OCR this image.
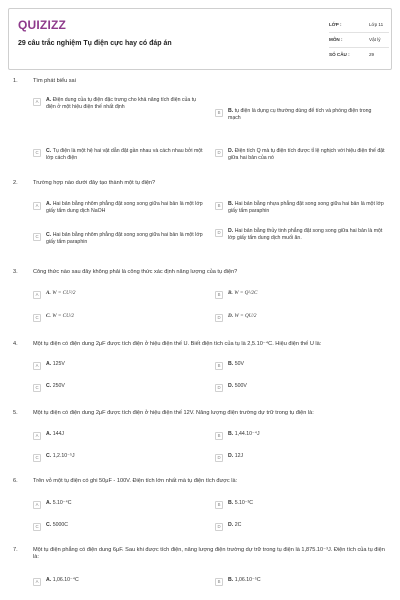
QUIZIZZ
29 câu trắc nghiệm Tụ điện cực hay có đáp án
LỚP :	Lớp 11
MÔN :	Vật lý
SỐ CÂU :	29
1.	Tìm phát biểu sai
A	A. Điện dung của tụ điện đặc trưng cho khả năng tích điện của tụ điện ở một hiệu điện thế nhất định
B	B. tụ điện là dụng cụ thường dùng để tích và phóng điện trong mạch
C	C. Tụ điện là một hệ hai vật dẫn đặt gần nhau và cách nhau bởi một lớp cách điện
D	D. Điện tích Q mà tụ điện tích được tỉ lệ nghịch với hiệu điện thế đặt giữa hai bản của nó
2.	Trường hợp nào dưới đây tạo thành một tụ điện?
A	A. Hai bản bằng nhôm phẳng đặt song song giữa hai bản là một lớp giấy tẩm dung dịch NaOH
B	B. Hai bản bằng nhựa phẳng đặt song song giữa hai bản là một lớp giấy tẩm paraphin
C	C. Hai bản bằng nhôm phẳng đặt song song giữa hai bản là một lớp giấy tẩm paraphin
D	D. Hai bản bằng thủy tinh phẳng đặt song song giữa hai bản là một lớp giấy tẩm dung dịch muối ăn.
3.	Công thức nào sau đây không phải là công thức xác định năng lượng của tụ điện?
A	A. W = CU²/2	B	B. W = Q²/2C
C	C. W = CU/2	D	D. W = QU/2
4.	Một tụ điện có điện dung 2μF được tích điện ở hiệu điện thế U. Biết điện tích của tụ là 2,5.10⁻⁴C. Hiệu điện thế U là:
A	A. 125V	B	B. 50V
C	C. 250V	D	D. 500V
5.	Một tụ điện có điện dung 2μF được tích điện ở hiệu điện thế 12V. Năng lượng điện trường dự trữ trong tụ điện là:
A	A. 144J	B	B. 1,44.10⁻⁴J
C	C. 1,2.10⁻⁵J	D	D. 12J
6.	Trên vỏ một tụ điện có ghi 50μF - 100V. Điện tích lớn nhất mà tụ điện tích được là:
A	A. 5.10⁻⁴C	B	B. 5.10⁻³C
C	C. 5000C	D	D. 2C
7.	Một tụ điện phẳng có điện dung 6μF. Sau khi được tích điện, năng lượng điện trường dự trữ trong tụ điện là 1,875.10⁻³J. Điện tích của tụ điện là:
A	A. 1,06.10⁻⁴C	B	B. 1,06.10⁻⁵C
